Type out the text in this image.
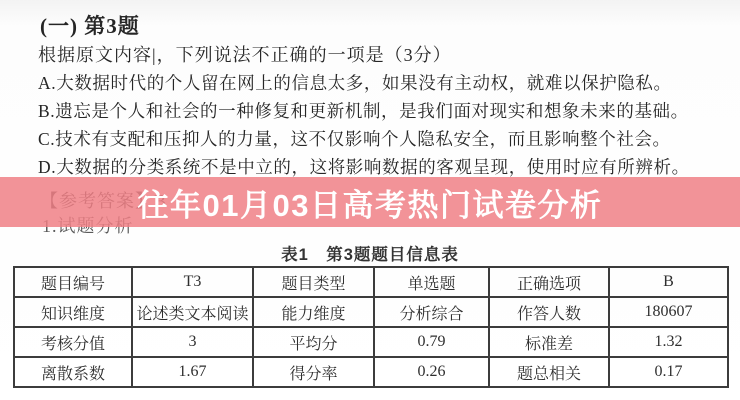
(一) 第3题
根据原文内容|，下列说法不正确的一项是（3分）
A.大数据时代的个人留在网上的信息太多，如果没有主动权，就难以保护隐私。
B.遗忘是个人和社会的一种修复和更新机制，是我们面对现实和想象未来的基础。
C.技术有支配和压抑人的力量，这不仅影响个人隐私安全，而且影响整个社会。
D.大数据的分类系统不是中立的，这将影响数据的客观呈现，使用时应有所辨析。
表1　第3题题目信息表
题目编号	T3	题目类型	单选题	正确选项	B
知识维度	论述类文本阅读	能力维度	分析综合	作答人数	180607
考核分值	3	平均分	0.79	标准差	1.32
离散系数	1.67	得分率	0.26	题总相关	0.17
往年01月03日高考热门试卷分析
